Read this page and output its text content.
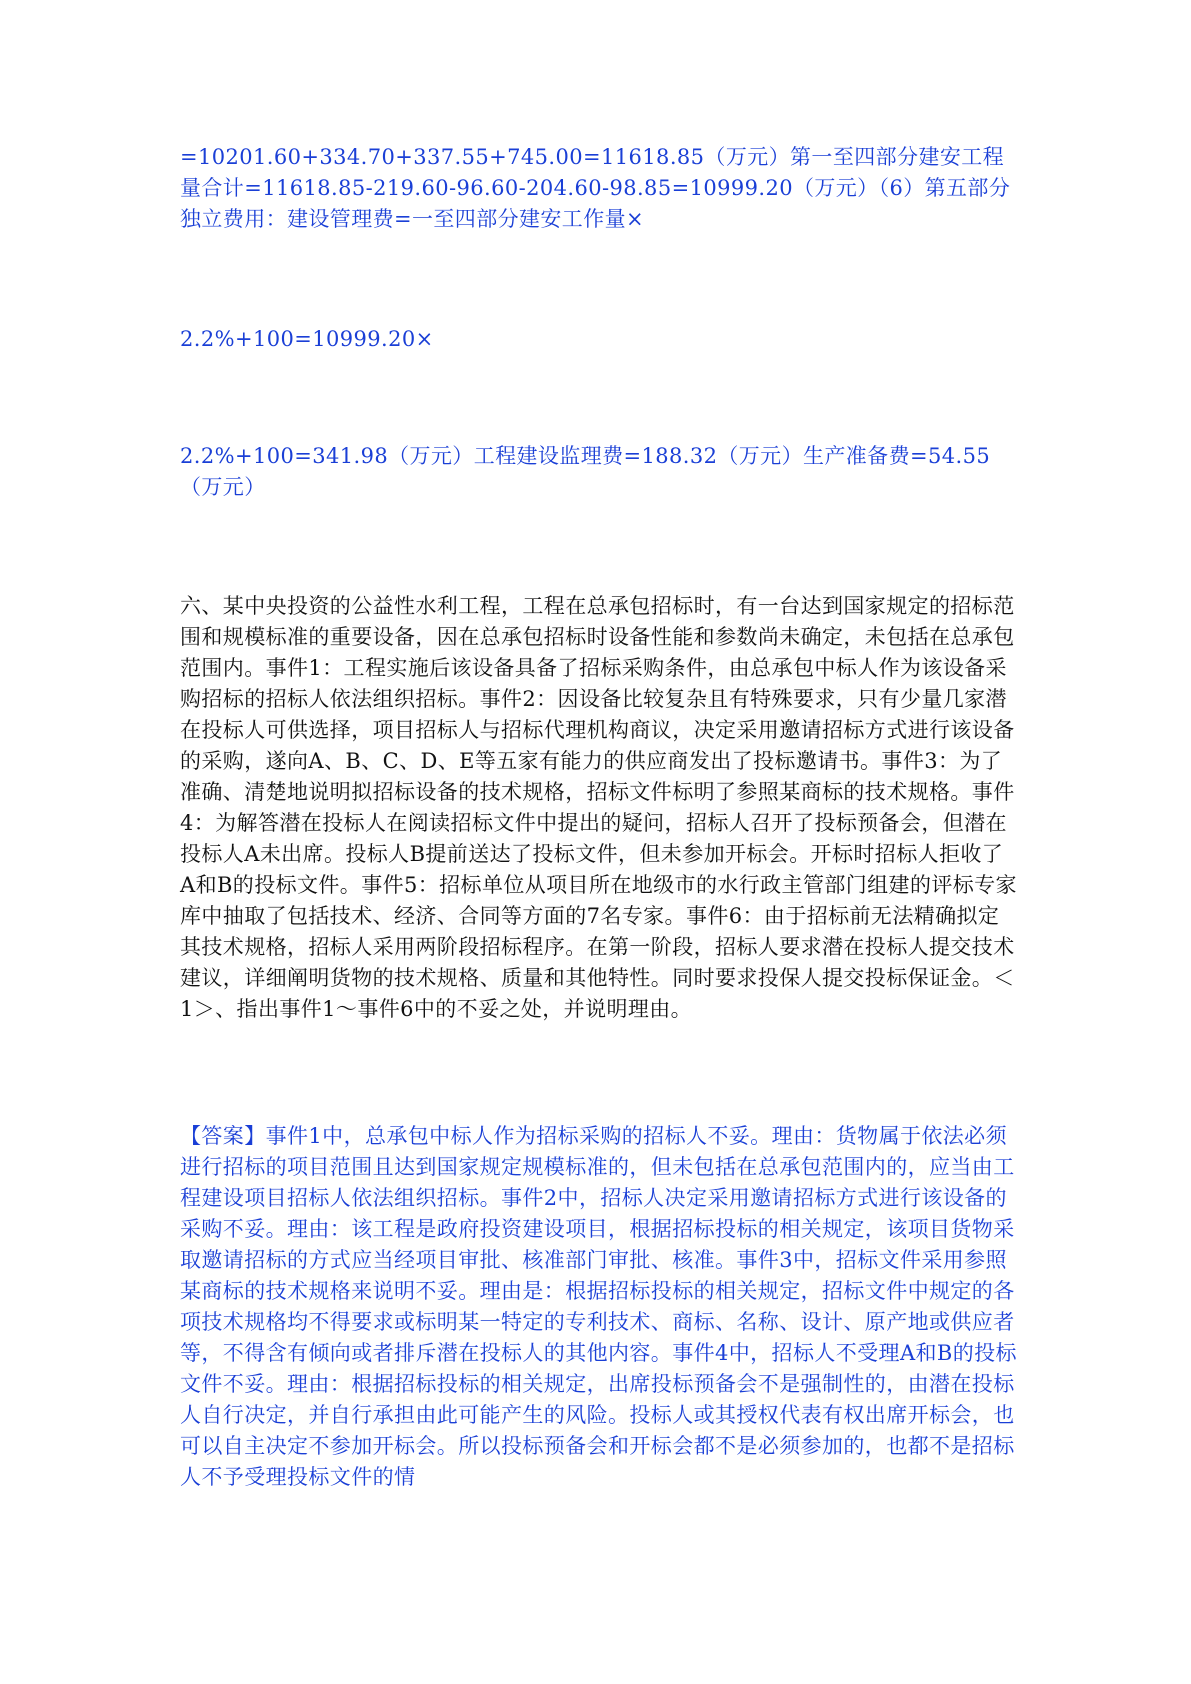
=10201.60+334.70+337.55+745.00=11618.85（万元）第一至四部分建安工程量合计=11618.85-219.60-96.60-204.60-98.85=10999.20（万元）（6）第五部分独立费用：建设管理费=一至四部分建安工作量×
2.2%+100=10999.20×
2.2%+100=341.98（万元）工程建设监理费=188.32（万元）生产准备费=54.55（万元）
六、某中央投资的公益性水利工程，工程在总承包招标时，有一台达到国家规定的招标范围和规模标准的重要设备，因在总承包招标时设备性能和参数尚未确定，未包括在总承包范围内。事件1：工程实施后该设备具备了招标采购条件，由总承包中标人作为该设备采购招标的招标人依法组织招标。事件2：因设备比较复杂且有特殊要求，只有少量几家潜在投标人可供选择，项目招标人与招标代理机构商议，决定采用邀请招标方式进行该设备的采购，遂向A、B、C、D、E等五家有能力的供应商发出了投标邀请书。事件3：为了准确、清楚地说明拟招标设备的技术规格，招标文件标明了参照某商标的技术规格。事件4：为解答潜在投标人在阅读招标文件中提出的疑问，招标人召开了投标预备会，但潜在投标人A未出席。投标人B提前送达了投标文件，但未参加开标会。开标时招标人拒收了A和B的投标文件。事件5：招标单位从项目所在地级市的水行政主管部门组建的评标专家库中抽取了包括技术、经济、合同等方面的7名专家。事件6：由于招标前无法精确拟定其技术规格，招标人采用两阶段招标程序。在第一阶段，招标人要求潜在投标人提交技术建议，详细阐明货物的技术规格、质量和其他特性。同时要求投保人提交投标保证金。＜1＞、指出事件1～事件6中的不妥之处，并说明理由。
【答案】事件1中，总承包中标人作为招标采购的招标人不妥。理由：货物属于依法必须进行招标的项目范围且达到国家规定规模标准的，但未包括在总承包范围内的，应当由工程建设项目招标人依法组织招标。事件2中，招标人决定采用邀请招标方式进行该设备的采购不妥。理由：该工程是政府投资建设项目，根据招标投标的相关规定，该项目货物采取邀请招标的方式应当经项目审批、核准部门审批、核准。事件3中，招标文件采用参照某商标的技术规格来说明不妥。理由是：根据招标投标的相关规定，招标文件中规定的各项技术规格均不得要求或标明某一特定的专利技术、商标、名称、设计、原产地或供应者等，不得含有倾向或者排斥潜在投标人的其他内容。事件4中，招标人不受理A和B的投标文件不妥。理由：根据招标投标的相关规定，出席投标预备会不是强制性的，由潜在投标人自行决定，并自行承担由此可能产生的风险。投标人或其授权代表有权出席开标会，也可以自主决定不参加开标会。所以投标预备会和开标会都不是必须参加的，也都不是招标人不予受理投标文件的情
